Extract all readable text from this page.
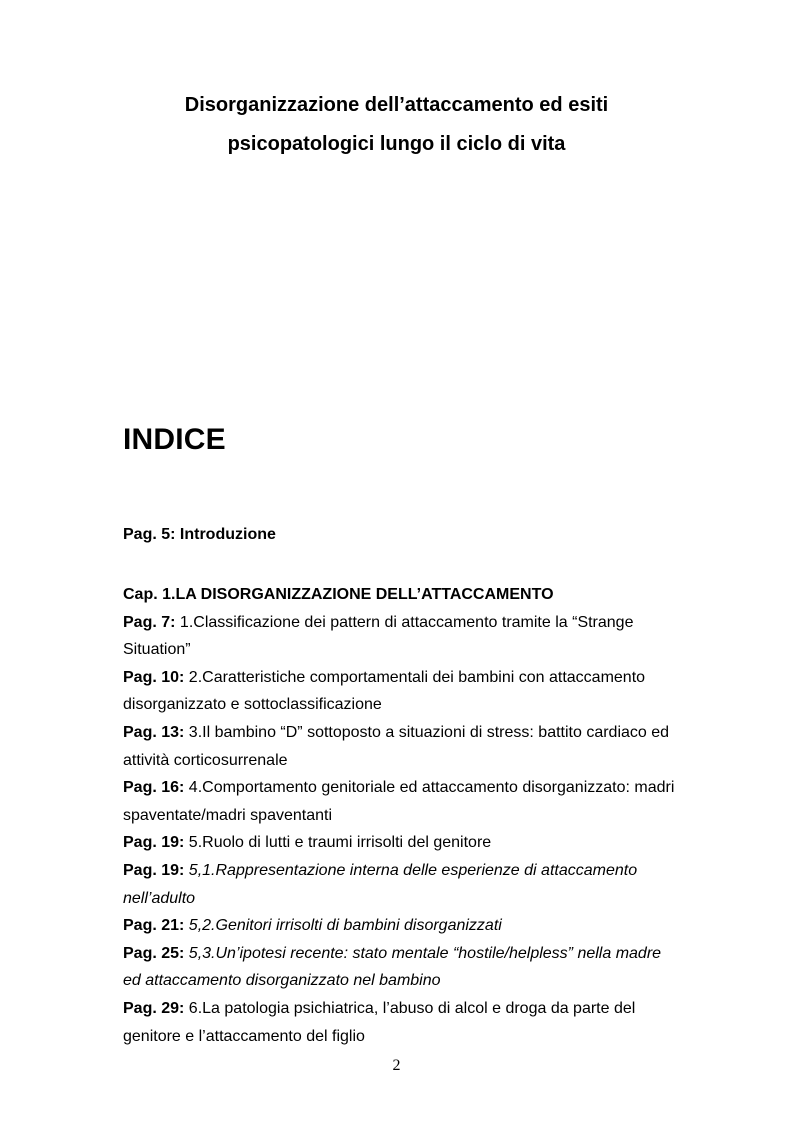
Disorganizzazione dell’attaccamento ed esiti
psicopatologici lungo il ciclo di vita
INDICE
Pag. 5: Introduzione

Cap. 1.LA DISORGANIZZAZIONE DELL’ATTACCAMENTO

Pag. 7: 1.Classificazione dei pattern di attaccamento tramite la “Strange Situation”

Pag. 10: 2.Caratteristiche comportamentali dei bambini con attaccamento disorganizzato e sottoclassificazione

Pag. 13: 3.Il bambino “D” sottoposto a situazioni di stress: battito cardiaco ed attività corticosurrenale

Pag. 16: 4.Comportamento genitoriale ed attaccamento disorganizzato: madri spaventate/madri spaventanti

Pag. 19: 5.Ruolo di lutti e traumi irrisolti del genitore

Pag. 19: 5,1.Rappresentazione interna delle esperienze di attaccamento nell’adulto

Pag. 21: 5,2.Genitori irrisolti di bambini disorganizzati

Pag. 25: 5,3.Un’ipotesi recente: stato mentale “hostile/helpless” nella madre ed attaccamento disorganizzato nel bambino

Pag. 29: 6.La patologia psichiatrica, l’abuso di alcol e droga da parte del genitore e l’attaccamento del figlio

2
